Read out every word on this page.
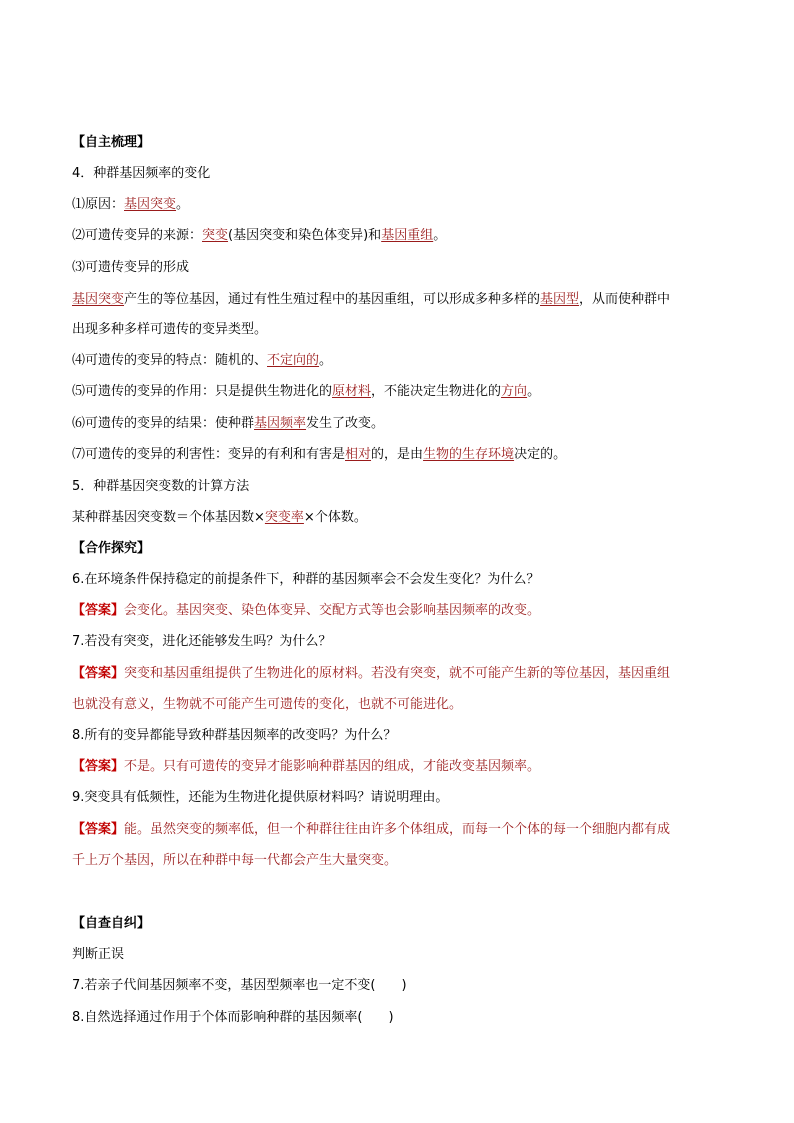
【自主梳理】
4．种群基因频率的变化
⑴原因：基因突变。
⑵可遗传变异的来源：突变(基因突变和染色体变异)和基因重组。
⑶可遗传变异的形成
基因突变产生的等位基因，通过有性生殖过程中的基因重组，可以形成多种多样的基因型，从而使种群中
出现多种多样可遗传的变异类型。
⑷可遗传的变异的特点：随机的、不定向的。
⑸可遗传的变异的作用：只是提供生物进化的原材料，不能决定生物进化的方向。
⑹可遗传的变异的结果：使种群基因频率发生了改变。
⑺可遗传的变异的利害性：变异的有利和有害是相对的，是由生物的生存环境决定的。
5．种群基因突变数的计算方法
某种群基因突变数＝个体基因数×突变率×个体数。
【合作探究】
6.在环境条件保持稳定的前提条件下，种群的基因频率会不会发生变化？为什么？
【答案】会变化。基因突变、染色体变异、交配方式等也会影响基因频率的改变。
7.若没有突变，进化还能够发生吗？为什么？
【答案】突变和基因重组提供了生物进化的原材料。若没有突变，就不可能产生新的等位基因，基因重组
也就没有意义，生物就不可能产生可遗传的变化，也就不可能进化。
8.所有的变异都能导致种群基因频率的改变吗？为什么？
【答案】不是。只有可遗传的变异才能影响种群基因的组成，才能改变基因频率。
9.突变具有低频性，还能为生物进化提供原材料吗？请说明理由。
【答案】能。虽然突变的频率低，但一个种群往往由许多个体组成，而每一个个体的每一个细胞内都有成
千上万个基因，所以在种群中每一代都会产生大量突变。
【自查自纠】
判断正误
7.若亲子代间基因频率不变，基因型频率也一定不变(　　)
8.自然选择通过作用于个体而影响种群的基因频率(　　)
